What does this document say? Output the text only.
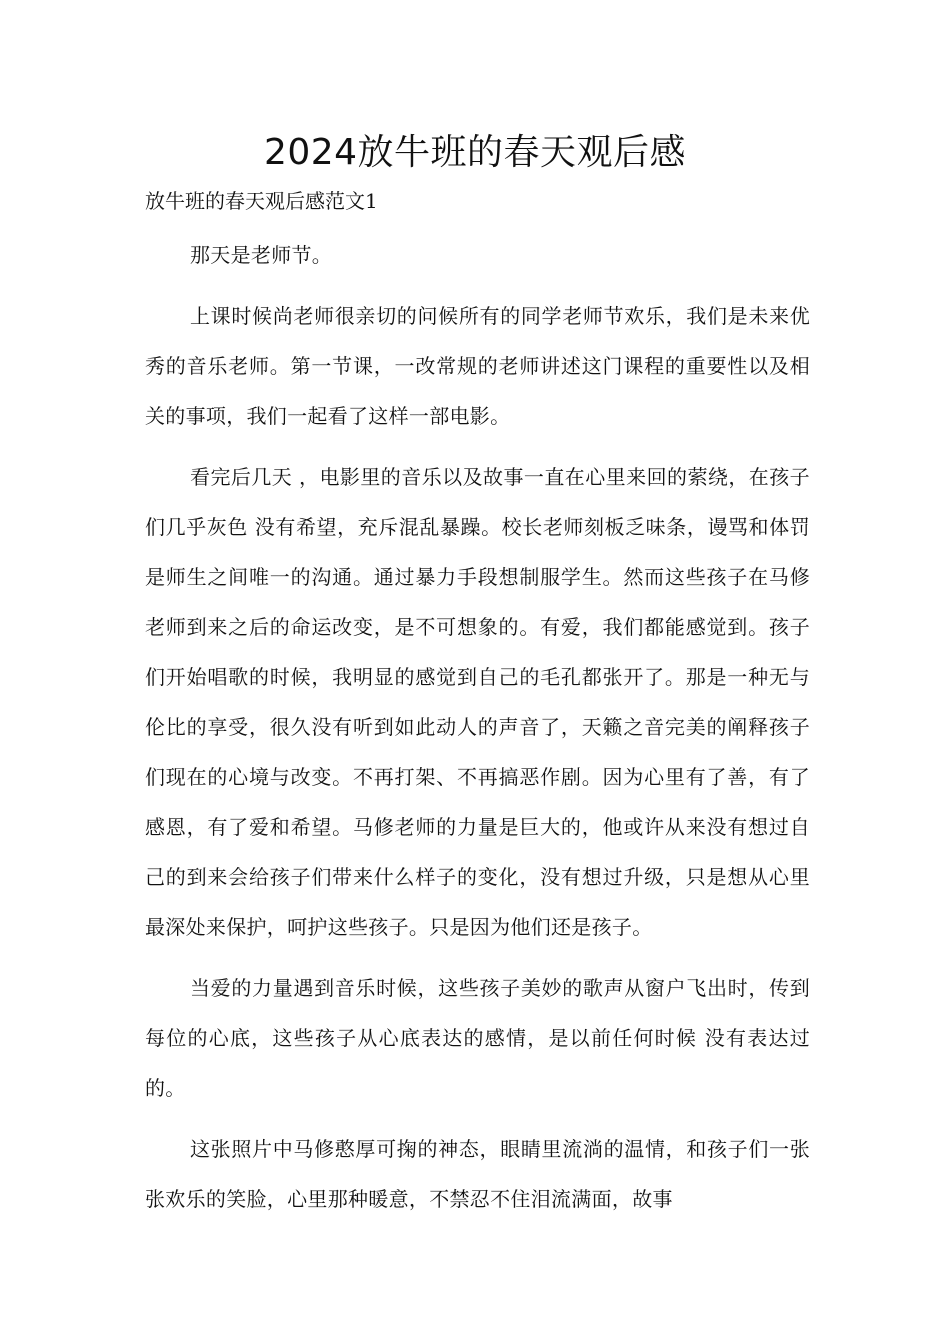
2024放牛班的春天观后感

放牛班的春天观后感范文1

那天是老师节。

上课时候尚老师很亲切的问候所有的同学老师节欢乐，我们是未来优秀的音乐老师。第一节课，一改常规的老师讲述这门课程的重要性以及相关的事项，我们一起看了这样一部电影。

看完后几天 ，电影里的音乐以及故事一直在心里来回的萦绕，在孩子们几乎灰色 没有希望，充斥混乱暴躁。校长老师刻板乏味条，谩骂和体罚是师生之间唯一的沟通。通过暴力手段想制服学生。然而这些孩子在马修老师到来之后的命运改变，是不可想象的。有爱，我们都能感觉到。孩子们开始唱歌的时候，我明显的感觉到自己的毛孔都张开了。那是一种无与伦比的享受，很久没有听到如此动人的声音了，天籁之音完美的阐释孩子们现在的心境与改变。不再打架、不再搞恶作剧。因为心里有了善，有了感恩，有了爱和希望。马修老师的力量是巨大的，他或许从来没有想过自己的到来会给孩子们带来什么样子的变化，没有想过升级，只是想从心里最深处来保护，呵护这些孩子。只是因为他们还是孩子。

当爱的力量遇到音乐时候，这些孩子美妙的歌声从窗户飞出时，传到每位的心底，这些孩子从心底表达的感情，是以前任何时候 没有表达过的。

这张照片中马修憨厚可掬的神态，眼睛里流淌的温情，和孩子们一张张欢乐的笑脸，心里那种暖意，不禁忍不住泪流满面，故事
